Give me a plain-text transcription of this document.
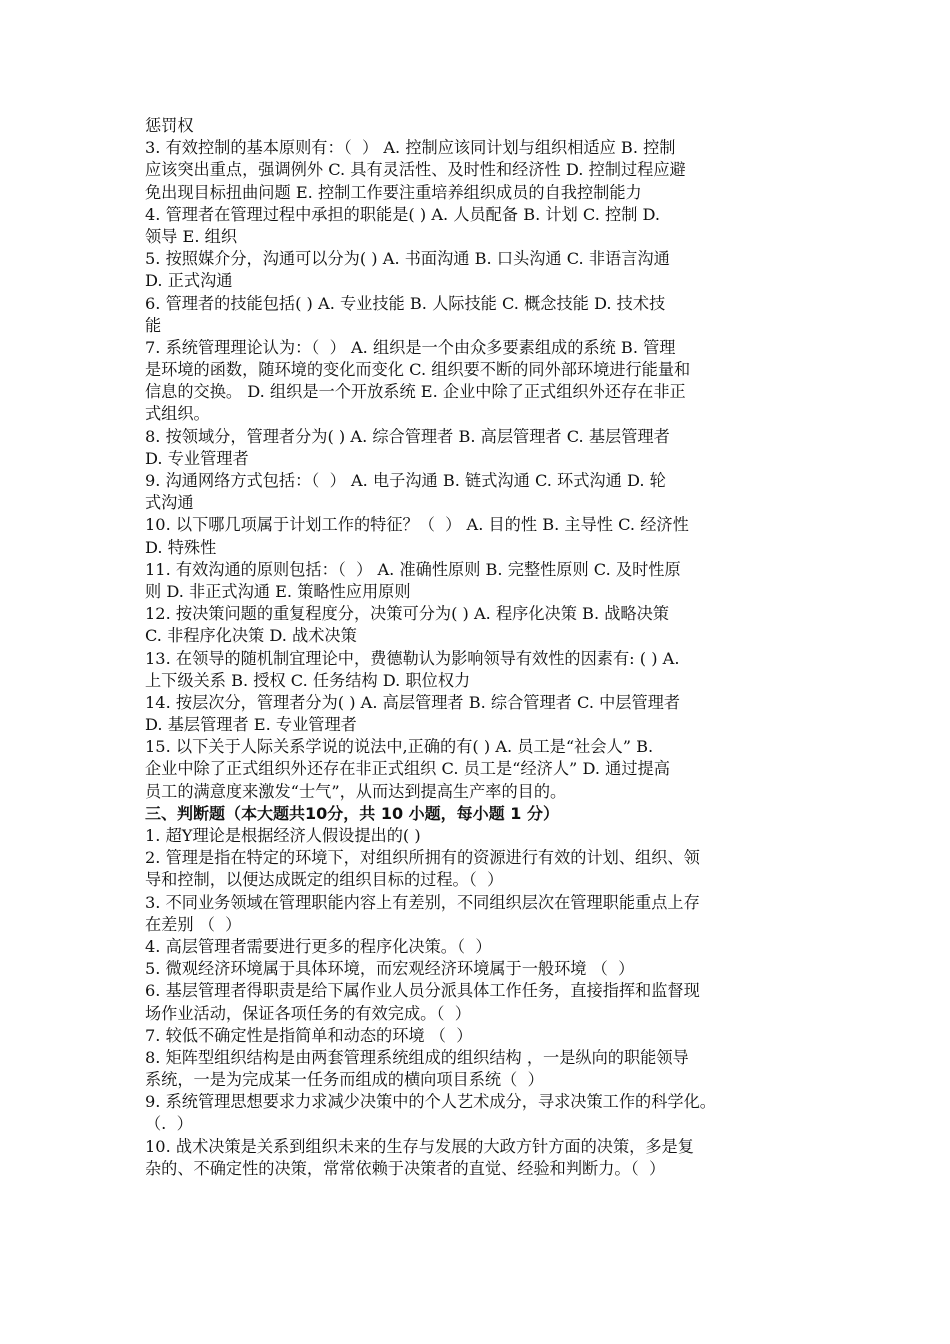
惩罚权
3. 有效控制的基本原则有：（  ） A. 控制应该同计划与组织相适应 B. 控制
应该突出重点，强调例外 C. 具有灵活性、及时性和经济性 D. 控制过程应避
免出现目标扭曲问题 E. 控制工作要注重培养组织成员的自我控制能力
4. 管理者在管理过程中承担的职能是( ) A. 人员配备 B. 计划 C. 控制 D.
领导 E. 组织
5. 按照媒介分，沟通可以分为( ) A. 书面沟通 B. 口头沟通 C. 非语言沟通
D. 正式沟通
6. 管理者的技能包括( ) A. 专业技能 B. 人际技能 C. 概念技能 D. 技术技
能
7. 系统管理理论认为：（  ） A. 组织是一个由众多要素组成的系统 B. 管理
是环境的函数，随环境的变化而变化 C. 组织要不断的同外部环境进行能量和
信息的交换。 D. 组织是一个开放系统 E. 企业中除了正式组织外还存在非正
式组织。
8. 按领域分，管理者分为( ) A. 综合管理者 B. 高层管理者 C. 基层管理者
D. 专业管理者
9. 沟通网络方式包括：（  ） A. 电子沟通 B. 链式沟通 C. 环式沟通 D. 轮
式沟通
10. 以下哪几项属于计划工作的特征？（  ） A. 目的性 B. 主导性 C. 经济性
D. 特殊性
11. 有效沟通的原则包括：（  ） A. 准确性原则 B. 完整性原则 C. 及时性原
则 D. 非正式沟通 E. 策略性应用原则
12. 按决策问题的重复程度分，决策可分为( ) A. 程序化决策 B. 战略决策
C. 非程序化决策 D. 战术决策
13. 在领导的随机制宜理论中，费德勒认为影响领导有效性的因素有: ( ) A.
上下级关系 B. 授权 C. 任务结构 D. 职位权力
14. 按层次分，管理者分为( ) A. 高层管理者 B. 综合管理者 C. 中层管理者
D. 基层管理者 E. 专业管理者
15. 以下关于人际关系学说的说法中,正确的有( ) A. 员工是“社会人” B.
企业中除了正式组织外还存在非正式组织 C. 员工是“经济人” D. 通过提高
员工的满意度来激发“士气”，从而达到提高生产率的目的。
三、判断题（本大题共10分，共 10 小题，每小题 1 分）
1. 超Y理论是根据经济人假设提出的( )
2. 管理是指在特定的环境下，对组织所拥有的资源进行有效的计划、组织、领
导和控制，以便达成既定的组织目标的过程。（  ）
3. 不同业务领域在管理职能内容上有差别，不同组织层次在管理职能重点上存
在差别 （  ）
4. 高层管理者需要进行更多的程序化决策。（  ）
5. 微观经济环境属于具体环境，而宏观经济环境属于一般环境 （  ）
6. 基层管理者得职责是给下属作业人员分派具体工作任务，直接指挥和监督现
场作业活动，保证各项任务的有效完成。（  ）
7. 较低不确定性是指简单和动态的环境 （  ）
8. 矩阵型组织结构是由两套管理系统组成的组织结构 ，一是纵向的职能领导
系统，一是为完成某一任务而组成的横向项目系统（  ）
9. 系统管理思想要求力求减少决策中的个人艺术成分，寻求决策工作的科学化。
（.  ）
10. 战术决策是关系到组织未来的生存与发展的大政方针方面的决策，多是复
杂的、不确定性的决策，常常依赖于决策者的直觉、经验和判断力。（  ）
